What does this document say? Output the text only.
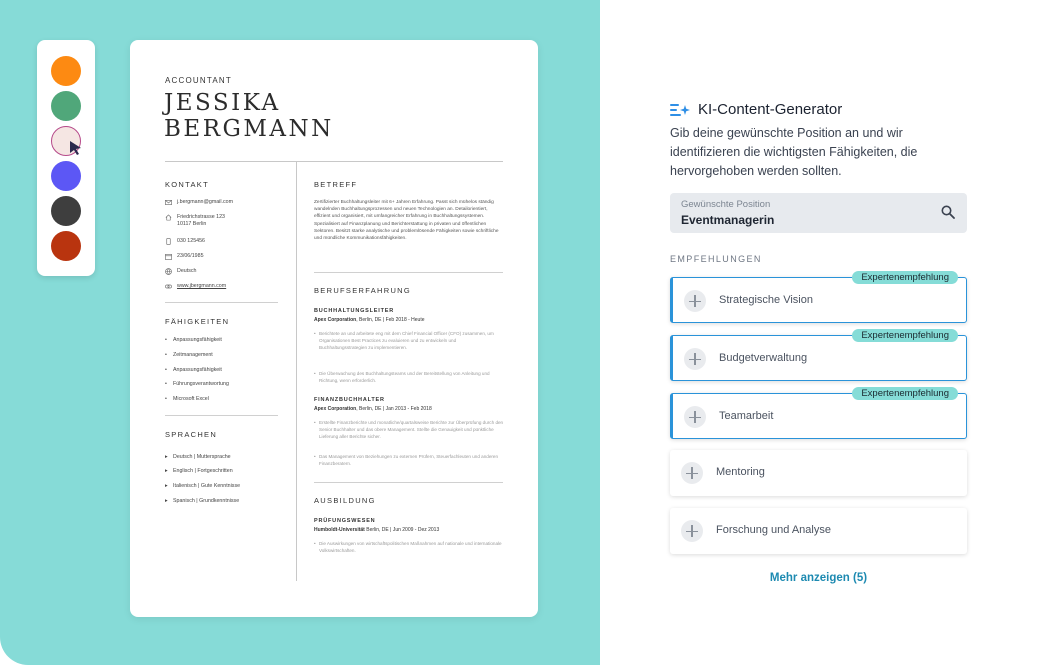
ACCOUNTANT
JESSIKA
BERGMANN
KONTAKT
j.bergmann@gmail.com
Friedrichstrasse 123
10117 Berlin
030 125456
23/06/1985
Deutsch
www.jbergmann.com
FÄHIGKEITEN
• Anpassungsfähigkeit
• Zeitmanagement
• Anpassungsfähigkeit
• Führungsverantwortung
• Microsoft Excel
SPRACHEN
▸ Deutsch | Muttersprache
▸ Englisch | Fortgeschritten
▸ Italienisch | Gute Kenntnisse
▸ Spanisch | Grundkenntnisse
BETREFF
Zertifizierter Buchhaltungsleiter mit 6+ Jahren Erfahrung. Passt sich mühelos ständig wandelnden Buchhaltungsprozessen und neuen Technologien an. Detailorientiert, effizient und organisiert, mit umfangreicher Erfahrung in Buchhaltungssystemen. Spezialisiert auf Finanzplanung und Berichterstattung in privaten und öffentlichen Sektoren. Besitzt starke analytische und problemlösende Fähigkeiten sowie schriftliche und mündliche Kommunikationsfähigkeiten.
BERUFSERFAHRUNG
BUCHHALTUNGSLEITER
Apex Corporation, Berlin, DE | Feb 2018 - Heute
• Berichtete an und arbeitete eng mit dem Chief Financial Officer (CFO) zusammen, um Organisationen Best Practices zu evaluieren und zu entwickeln und Buchhaltungsstrategien zu implementieren.
• Die Überwachung des Buchhaltungsteams und der Bereitstellung von Anleitung und Richtung, wenn erforderlich.
FINANZBUCHHALTER
Apex Corporation, Berlin, DE | Jan 2013 - Feb 2018
• Erstellte Finanzberichte und monatliche/quartalsweise Berichte zur Überprüfung durch den Senior Buchhalter und das obere Management. Stellte die Genauigkeit und pünktliche Lieferung aller Berichte sicher.
• Das Management von Beziehungen zu externen Prüfern, Steuerfachleuten und anderen Finanzberatern.
AUSBILDUNG
PRÜFUNGSWESEN
Humboldt-Universität Berlin, DE | Jun 2009 - Dez 2013
• Die Auswirkungen von wirtschaftspolitischen Maßnahmen auf nationale und internationale Volkswirtschaften.
KI-Content-Generator
Gib deine gewünschte Position an und wir identifizieren die wichtigsten Fähigkeiten, die hervorgehoben werden sollten.
Gewünschte Position
Eventmanagerin
EMPFEHLUNGEN
Expertenempfehlung
Strategische Vision
Expertenempfehlung
Budgetverwaltung
Expertenempfehlung
Teamarbeit
Mentoring
Forschung und Analyse
Mehr anzeigen (5)
